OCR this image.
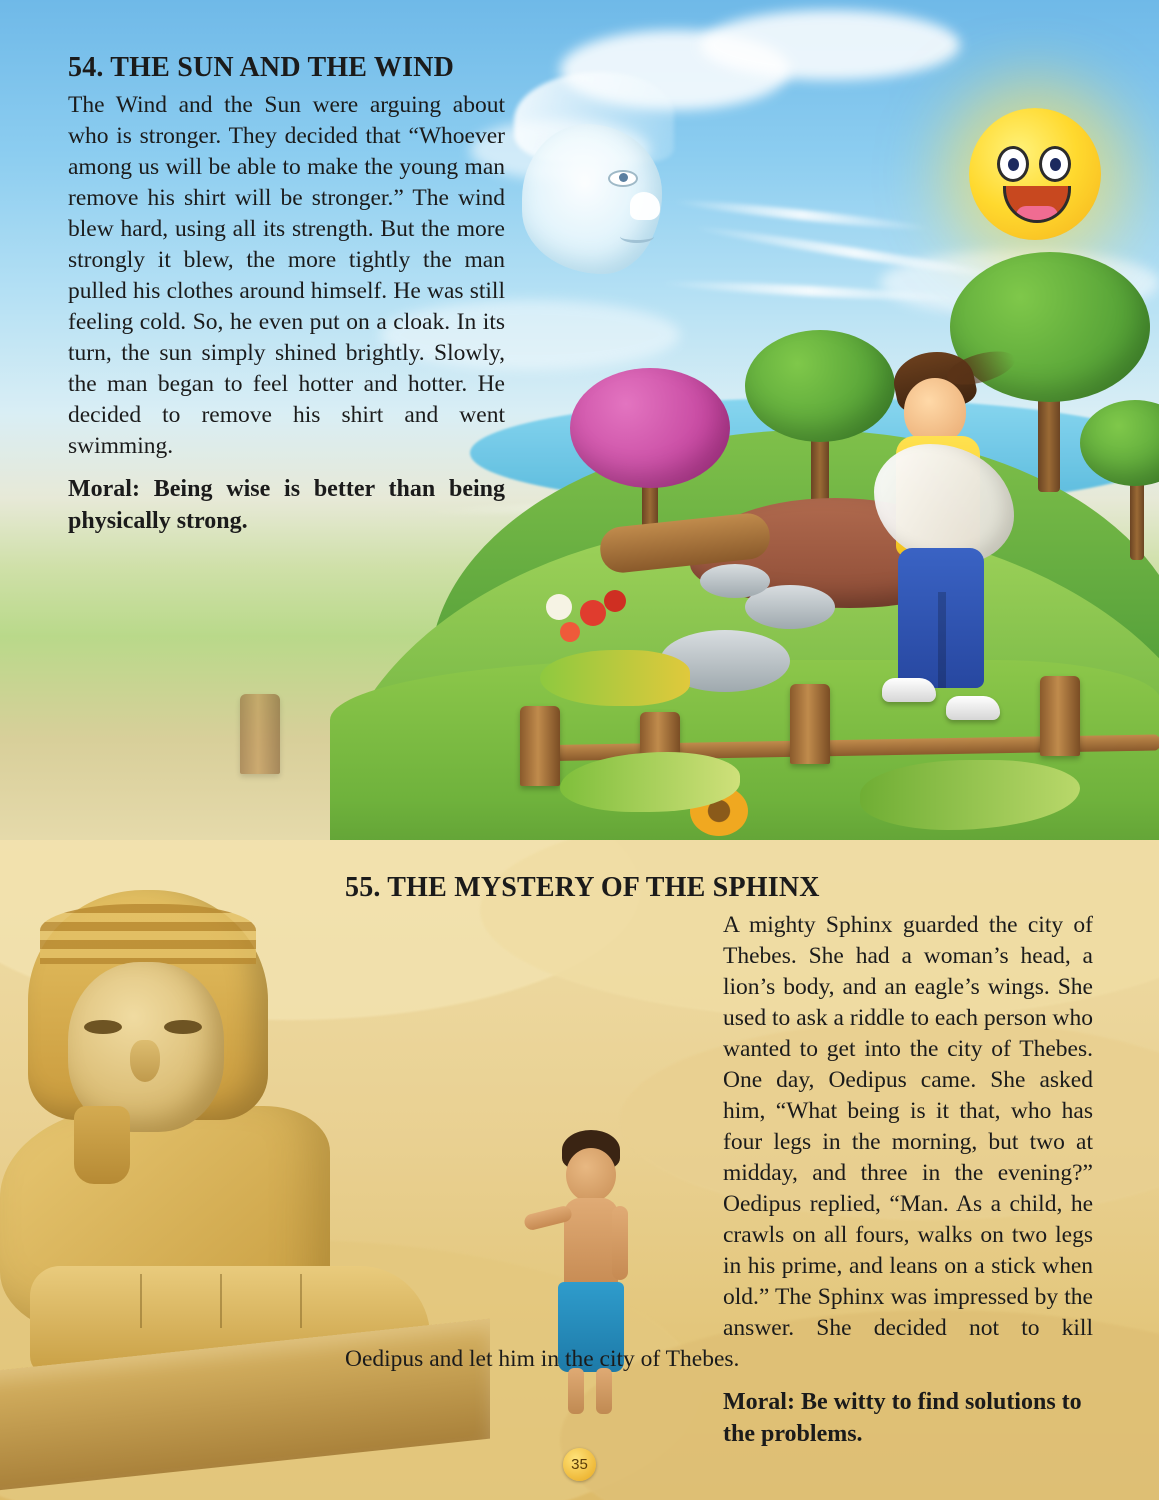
54. THE SUN AND THE WIND

The Wind and the Sun were arguing about who is stronger. They decided that “Whoever among us will be able to make the young man remove his shirt will be stronger.” The wind blew hard, using all its strength. But the more strongly it blew, the more tightly the man pulled his clothes around himself. He was still feeling cold. So, he even put on a cloak. In its turn, the sun simply shined brightly. Slowly, the man began to feel hotter and hotter. He decided to remove his shirt and went swimming.

Moral: Being wise is better than being physically strong.

55. THE MYSTERY OF THE SPHINX

A mighty Sphinx guarded the city of Thebes. She had a woman’s head, a lion’s body, and an eagle’s wings. She used to ask a riddle to each person who wanted to get into the city of Thebes. One day, Oedipus came. She asked him, “What being is it that, who has four legs in the morning, but two at midday, and three in the evening?” Oedipus replied, “Man. As a child, he crawls on all fours, walks on two legs in his prime, and leans on a stick when old.” The Sphinx was impressed by the answer. She decided not to kill Oedipus and let him in the city of Thebes.

Moral: Be witty to find solutions to the problems.

35
